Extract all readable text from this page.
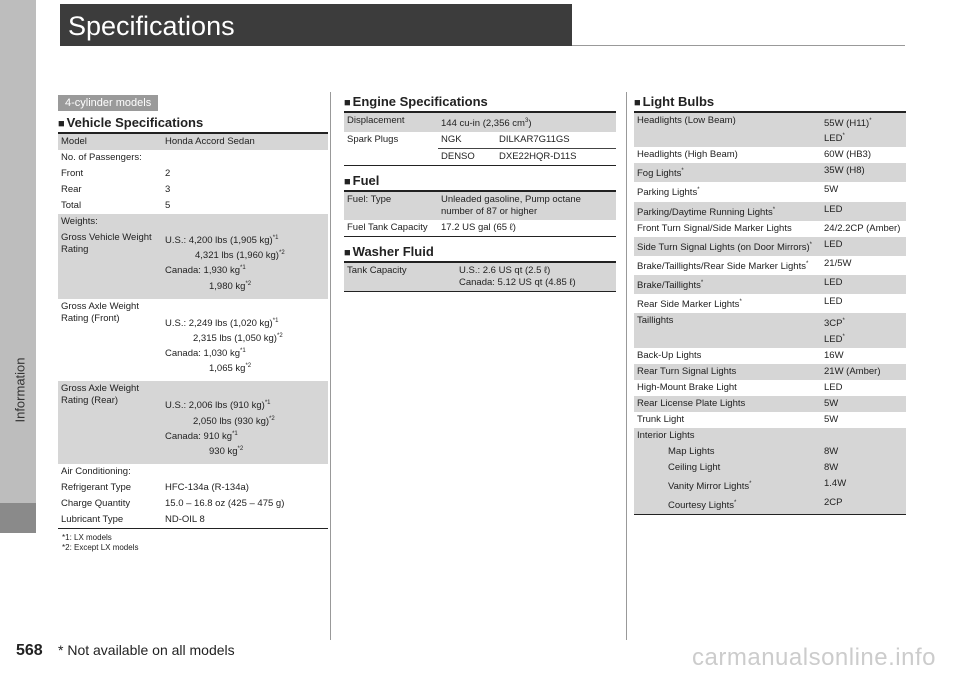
Information
Specifications
4-cylinder models
■ Vehicle Specifications
Model	Honda Accord Sedan
No. of Passengers:	
Front	2
Rear	3
Total	5
Weights:	
Gross Vehicle Weight Rating	U.S.: 4,200 lbs (1,905 kg)$^{*1}$
4,321 lbs (1,960 kg)$^{*2}$
Canada: 1,930 $kg^{*1}$
1,980 $kg^{*2}$

Gross Axle Weight Rating (Front)	U.S.: 2,249 lbs (1,020 kg)$^{*1}$
2,315 lbs (1,050 kg)$^{*2}$
Canada: 1,030 $kg^{*1}$
1,065 $kg^{*2}$

Gross Axle Weight Rating (Rear)	U.S.: 2,006 lbs (910 kg)$^{*1}$
2,050 lbs (930 kg)$^{*2}$
Canada: 910 $kg^{*1}$
930 $kg^{*2}$

Air Conditioning:	
Refrigerant Type	HFC-134a (R-134a)
Charge Quantity	15.0 – 16.8 oz (425 – 475 g)
Lubricant Type	ND-OIL 8
*1: LX models
*2: Except LX models
■ Engine Specifications
Displacement	144 cu-in (2,356 $cm^3$)	
Spark Plugs	NGK	DILKAR7G11GS
	DENSO	DXE22HQR-D11S
■ Fuel
Fuel: Type	Unleaded gasoline, Pump octane number of 87 or higher
Fuel Tank Capacity	17.2 US gal (65 ℓ)
■ Washer Fluid
Tank Capacity	U.S.: 2.6 US qt (2.5 ℓ)
Canada: 5.12 US qt (4.85 ℓ)
■ Light Bulbs
Headlights (Low Beam)	55W (H11)*
LED*
Headlights (High Beam)	60W (HB3)
Fog Lights*	35W (H8)
Parking Lights*	5W
Parking/Daytime Running Lights*	LED
Front Turn Signal/Side Marker Lights	24/2.2CP (Amber)
Side Turn Signal Lights (on Door Mirrors)*	LED
Brake/Taillights/Rear Side Marker Lights*	21/5W
Brake/Taillights*	LED
Rear Side Marker Lights*	LED
Taillights	3CP*
LED*
Back-Up Lights	16W
Rear Turn Signal Lights	21W (Amber)
High-Mount Brake Light	LED
Rear License Plate Lights	5W
Trunk Light	5W
Interior Lights	
Map Lights	8W
Ceiling Light	8W
Vanity Mirror Lights*	1.4W
Courtesy Lights*	2CP
568 * Not available on all models	carmanualsonline.info
